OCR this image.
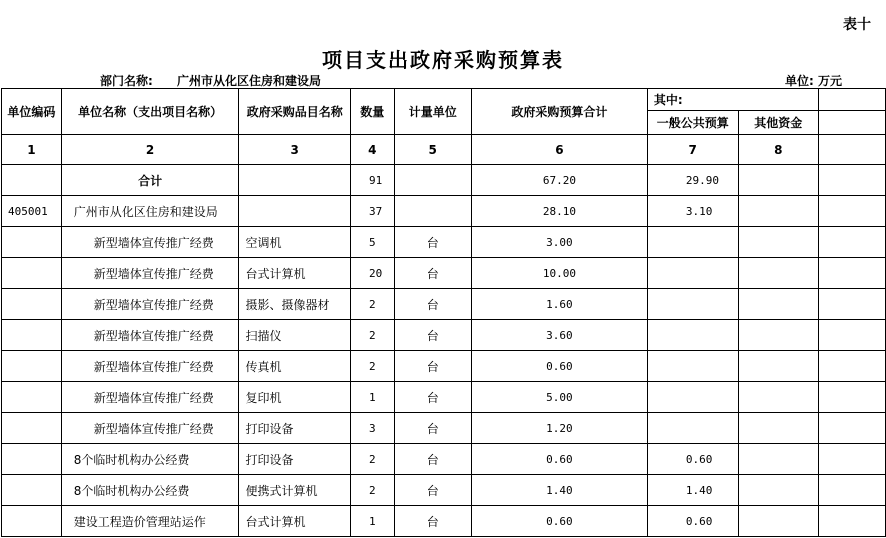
表十
项目支出政府采购预算表
部门名称: 广州市从化区住房和建设局	单位: 万元
单位编码	单位名称（支出项目名称）	政府采购品目名称	数量	计量单位	政府采购预算合计	其中:		
						一般公共预算	其他资金	
1	2	3	4	5	6	7	8	
	合计		91		67.20	29.90		
405001	广州市从化区住房和建设局		37		28.10	3.10		
	新型墙体宣传推广经费	空调机	5	台	3.00			
	新型墙体宣传推广经费	台式计算机	20	台	10.00			
	新型墙体宣传推广经费	摄影、摄像器材	2	台	1.60			
	新型墙体宣传推广经费	扫描仪	2	台	3.60			
	新型墙体宣传推广经费	传真机	2	台	0.60			
	新型墙体宣传推广经费	复印机	1	台	5.00			
	新型墙体宣传推广经费	打印设备	3	台	1.20			
	8个临时机构办公经费	打印设备	2	台	0.60	0.60		
	8个临时机构办公经费	便携式计算机	2	台	1.40	1.40		
	建设工程造价管理站运作	台式计算机	1	台	0.60	0.60		
